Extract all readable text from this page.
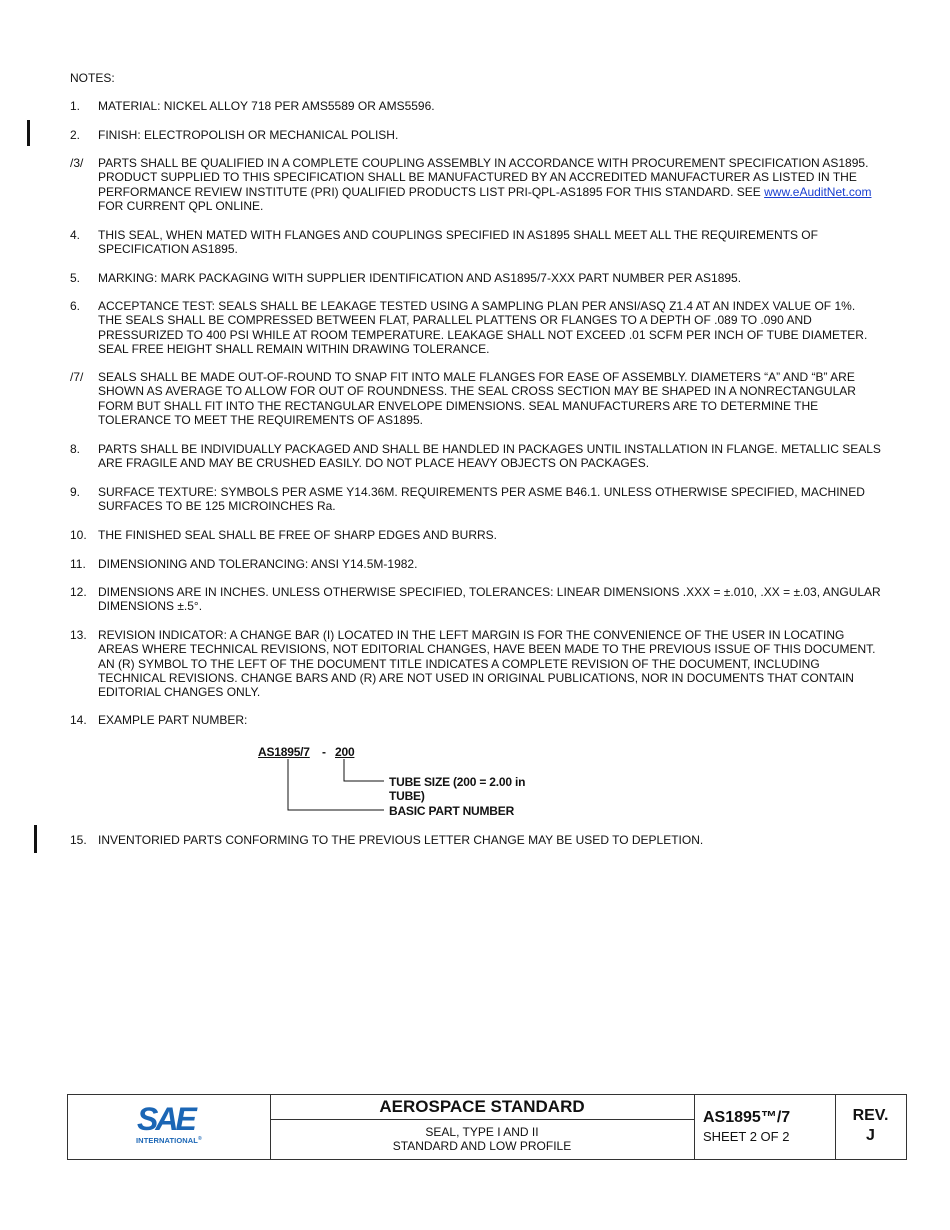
NOTES:
1.	MATERIAL: NICKEL ALLOY 718 PER AMS5589 OR AMS5596.
2.	FINISH: ELECTROPOLISH OR MECHANICAL POLISH.
/3/	PARTS SHALL BE QUALIFIED IN A COMPLETE COUPLING ASSEMBLY IN ACCORDANCE WITH PROCUREMENT SPECIFICATION AS1895. PRODUCT SUPPLIED TO THIS SPECIFICATION SHALL BE MANUFACTURED BY AN ACCREDITED MANUFACTURER AS LISTED IN THE PERFORMANCE REVIEW INSTITUTE (PRI) QUALIFIED PRODUCTS LIST PRI-QPL-AS1895 FOR THIS STANDARD. SEE www.eAuditNet.com FOR CURRENT QPL ONLINE.
4.	THIS SEAL, WHEN MATED WITH FLANGES AND COUPLINGS SPECIFIED IN AS1895 SHALL MEET ALL THE REQUIREMENTS OF SPECIFICATION AS1895.
5.	MARKING: MARK PACKAGING WITH SUPPLIER IDENTIFICATION AND AS1895/7-XXX PART NUMBER PER AS1895.
6.	ACCEPTANCE TEST: SEALS SHALL BE LEAKAGE TESTED USING A SAMPLING PLAN PER ANSI/ASQ Z1.4 AT AN INDEX VALUE OF 1%. THE SEALS SHALL BE COMPRESSED BETWEEN FLAT, PARALLEL PLATTENS OR FLANGES TO A DEPTH OF .089 TO .090 AND PRESSURIZED TO 400 PSI WHILE AT ROOM TEMPERATURE. LEAKAGE SHALL NOT EXCEED .01 SCFM PER INCH OF TUBE DIAMETER. SEAL FREE HEIGHT SHALL REMAIN WITHIN DRAWING TOLERANCE.
/7/	SEALS SHALL BE MADE OUT-OF-ROUND TO SNAP FIT INTO MALE FLANGES FOR EASE OF ASSEMBLY. DIAMETERS “A” AND “B” ARE SHOWN AS AVERAGE TO ALLOW FOR OUT OF ROUNDNESS. THE SEAL CROSS SECTION MAY BE SHAPED IN A NONRECTANGULAR FORM BUT SHALL FIT INTO THE RECTANGULAR ENVELOPE DIMENSIONS. SEAL MANUFACTURERS ARE TO DETERMINE THE TOLERANCE TO MEET THE REQUIREMENTS OF AS1895.
8.	PARTS SHALL BE INDIVIDUALLY PACKAGED AND SHALL BE HANDLED IN PACKAGES UNTIL INSTALLATION IN FLANGE. METALLIC SEALS ARE FRAGILE AND MAY BE CRUSHED EASILY. DO NOT PLACE HEAVY OBJECTS ON PACKAGES.
9.	SURFACE TEXTURE: SYMBOLS PER ASME Y14.36M. REQUIREMENTS PER ASME B46.1. UNLESS OTHERWISE SPECIFIED, MACHINED SURFACES TO BE 125 MICROINCHES Ra.
10. THE FINISHED SEAL SHALL BE FREE OF SHARP EDGES AND BURRS.
11.	DIMENSIONING AND TOLERANCING: ANSI Y14.5M-1982.
12. DIMENSIONS ARE IN INCHES. UNLESS OTHERWISE SPECIFIED, TOLERANCES: LINEAR DIMENSIONS .XXX = ±.010, .XX = ±.03, ANGULAR DIMENSIONS ±.5°.
13. REVISION INDICATOR: A CHANGE BAR (I) LOCATED IN THE LEFT MARGIN IS FOR THE CONVENIENCE OF THE USER IN LOCATING AREAS WHERE TECHNICAL REVISIONS, NOT EDITORIAL CHANGES, HAVE BEEN MADE TO THE PREVIOUS ISSUE OF THIS DOCUMENT. AN (R) SYMBOL TO THE LEFT OF THE DOCUMENT TITLE INDICATES A COMPLETE REVISION OF THE DOCUMENT, INCLUDING TECHNICAL REVISIONS. CHANGE BARS AND (R) ARE NOT USED IN ORIGINAL PUBLICATIONS, NOR IN DOCUMENTS THAT CONTAIN EDITORIAL CHANGES ONLY.
14. EXAMPLE PART NUMBER:
AS1895/7 - 200
TUBE SIZE (200 = 2.00 in TUBE)
BASIC PART NUMBER
15. INVENTORIED PARTS CONFORMING TO THE PREVIOUS LETTER CHANGE MAY BE USED TO DEPLETION.
SAE
INTERNATIONAL®
AEROSPACE STANDARD
SEAL, TYPE I AND II
STANDARD AND LOW PROFILE
AS1895™/7
SHEET 2 OF 2
REV.
J
